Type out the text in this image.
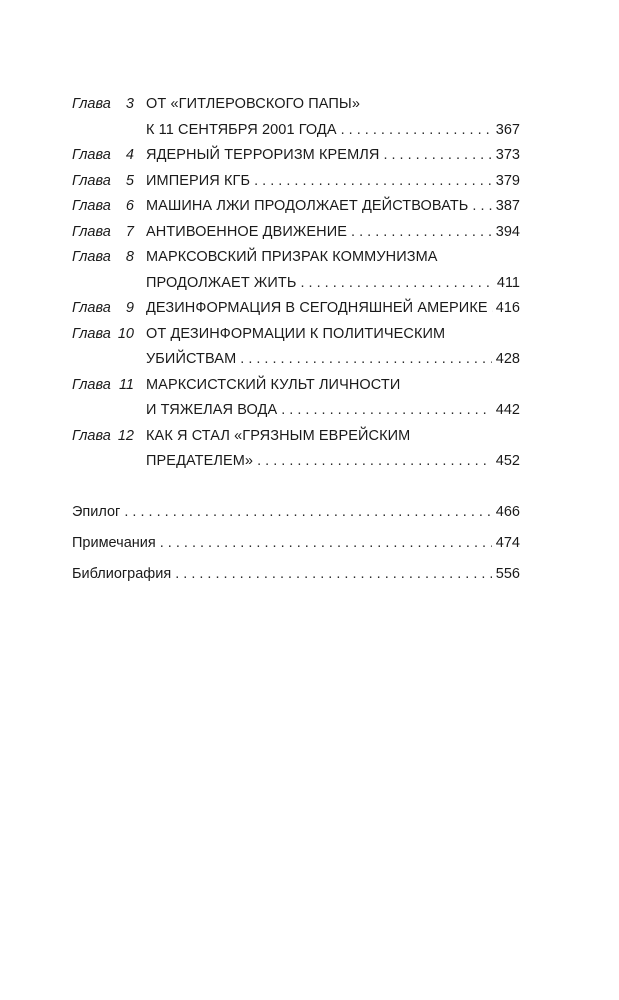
Глава	3 ОТ «ГИТЛЕРОВСКОГО ПАПЫ»
К 11 СЕНТЯБРЯ 2001 ГОДА . . .	367
Глава	4 ЯДЕРНЫЙ ТЕРРОРИЗМ КРЕМЛЯ . . .	373
Глава	5 ИМПЕРИЯ КГБ . . .	379
Глава	6 МАШИНА ЛЖИ ПРОДОЛЖАЕТ ДЕЙСТВОВАТЬ . . . 387
Глава	7 АНТИВОЕННОЕ ДВИЖЕНИЕ . . .	394
Глава	8 МАРКСОВСКИЙ ПРИЗРАК КОММУНИЗМА
ПРОДОЛЖАЕТ ЖИТЬ . . .	411
Глава	9 ДЕЗИНФОРМАЦИЯ В СЕГОДНЯШНЕЙ АМЕРИКЕ . . . 416
Глава 10 ОТ ДЕЗИНФОРМАЦИИ К ПОЛИТИЧЕСКИМ
УБИЙСТВАМ . . .	428
Глава 11 МАРКСИСТСКИЙ КУЛЬТ ЛИЧНОСТИ
И ТЯЖЕЛАЯ ВОДА . . .	442
Глава 12 КАК Я СТАЛ «ГРЯЗНЫМ ЕВРЕЙСКИМ
ПРЕДАТЕЛЕМ» . . .	452
Эпилог . . .	466
Примечания . . .	474
Библиография . . .	556
